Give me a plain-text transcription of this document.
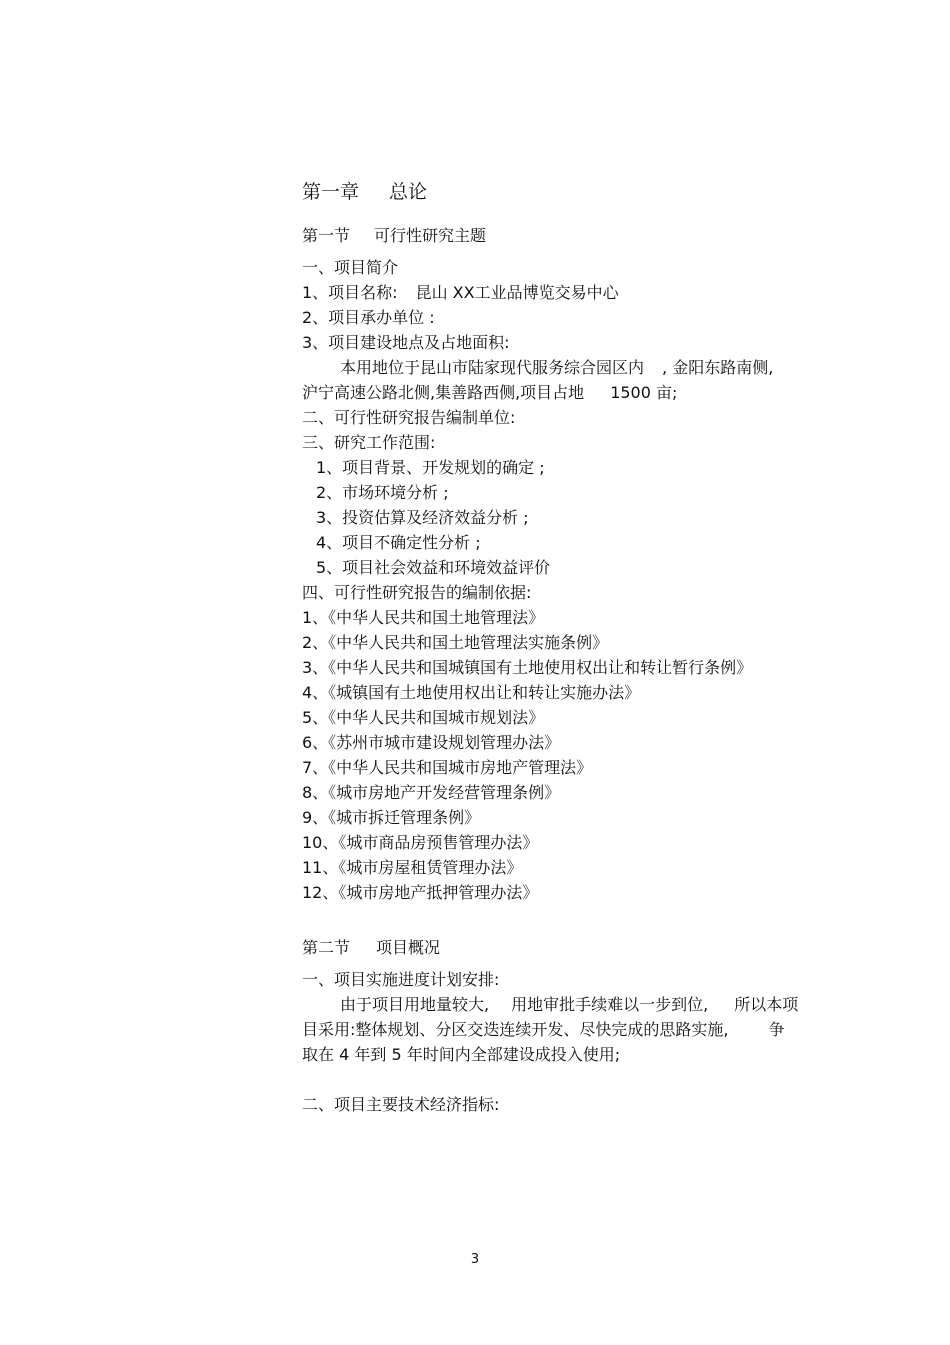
第一章 总论
第一节 可行性研究主题
一、项目简介
1、项目名称: 昆山 XX工业品博览交易中心
2、项目承办单位 :
3、项目建设地点及占地面积:
本用地位于昆山市陆家现代服务综合园区内 , 金阳东路南侧,
沪宁高速公路北侧,集善路西侧,项目占地 1500 亩;
二、可行性研究报告编制单位:
三、研究工作范围:
1、项目背景、开发规划的确定 ;
2、市场环境分析 ;
3、投资估算及经济效益分析 ;
4、项目不确定性分析 ;
5、项目社会效益和环境效益评价
四、可行性研究报告的编制依据:
1、《中华人民共和国土地管理法》
2、《中华人民共和国土地管理法实施条例》
3、《中华人民共和国城镇国有土地使用权出让和转让暂行条例》
4、《城镇国有土地使用权出让和转让实施办法》
5、《中华人民共和国城市规划法》
6、《苏州市城市建设规划管理办法》
7、《中华人民共和国城市房地产管理法》
8、《城市房地产开发经营管理条例》
9、《城市拆迁管理条例》
10、《城市商品房预售管理办法》
11、《城市房屋租赁管理办法》
12、《城市房地产抵押管理办法》
第二节 项目概况
一、项目实施进度计划安排:
由于项目用地量较大, 用地审批手续难以一步到位, 所以本项
目采用:整体规划、分区交迭连续开发、尽快完成的思路实施,	争
取在 4 年到 5 年时间内全部建设成投入使用;
二、项目主要技术经济指标:
3
